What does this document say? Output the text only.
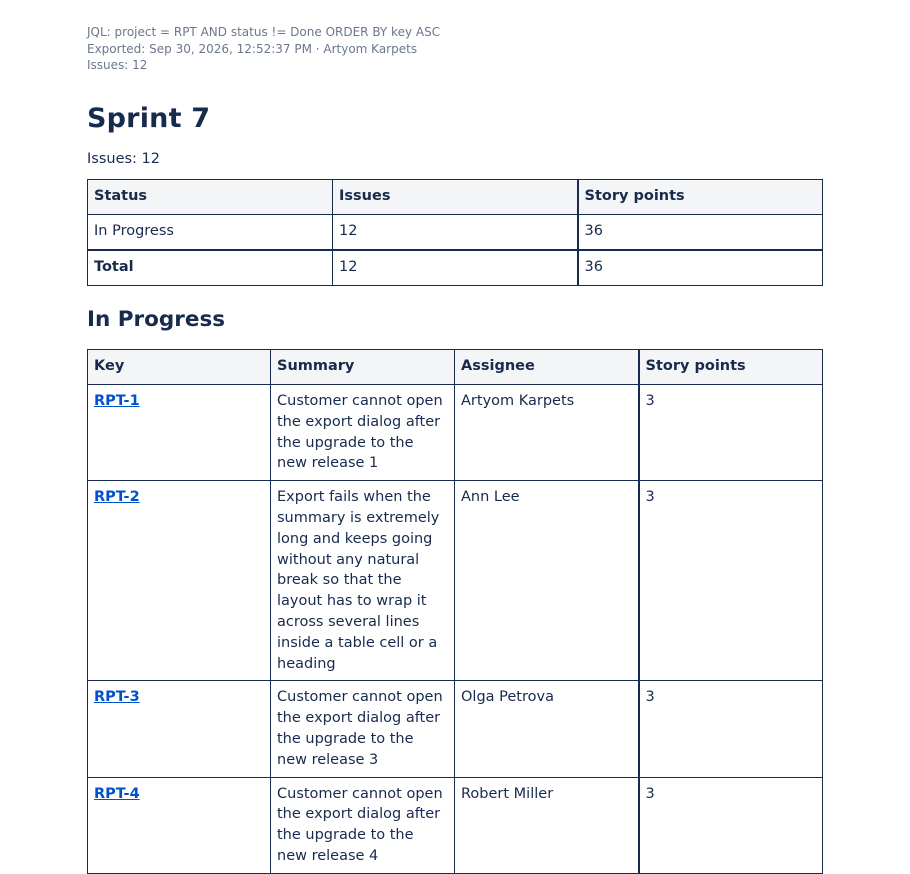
JQL: project = RPT AND status != Done ORDER BY key ASC
Exported: Sep 30, 2026, 12:52:37 PM · Artyom Karpets
Issues: 12
Sprint 7
Issues: 12
Status	Issues	Story points
In Progress	12	36
Total	12	36
In Progress
Key	Summary	Assignee	Story points
RPT-1	Customer cannot open the export dialog after the upgrade to the new release 1	Artyom Karpets	3
RPT-2	Export fails when the summary is extremely long and keeps going without any natural break so that the layout has to wrap it across several lines inside a table cell or a heading	Ann Lee	3
RPT-3	Customer cannot open the export dialog after the upgrade to the new release 3	Olga Petrova	3
RPT-4	Customer cannot open the export dialog after the upgrade to the new release 4	Robert Miller	3
